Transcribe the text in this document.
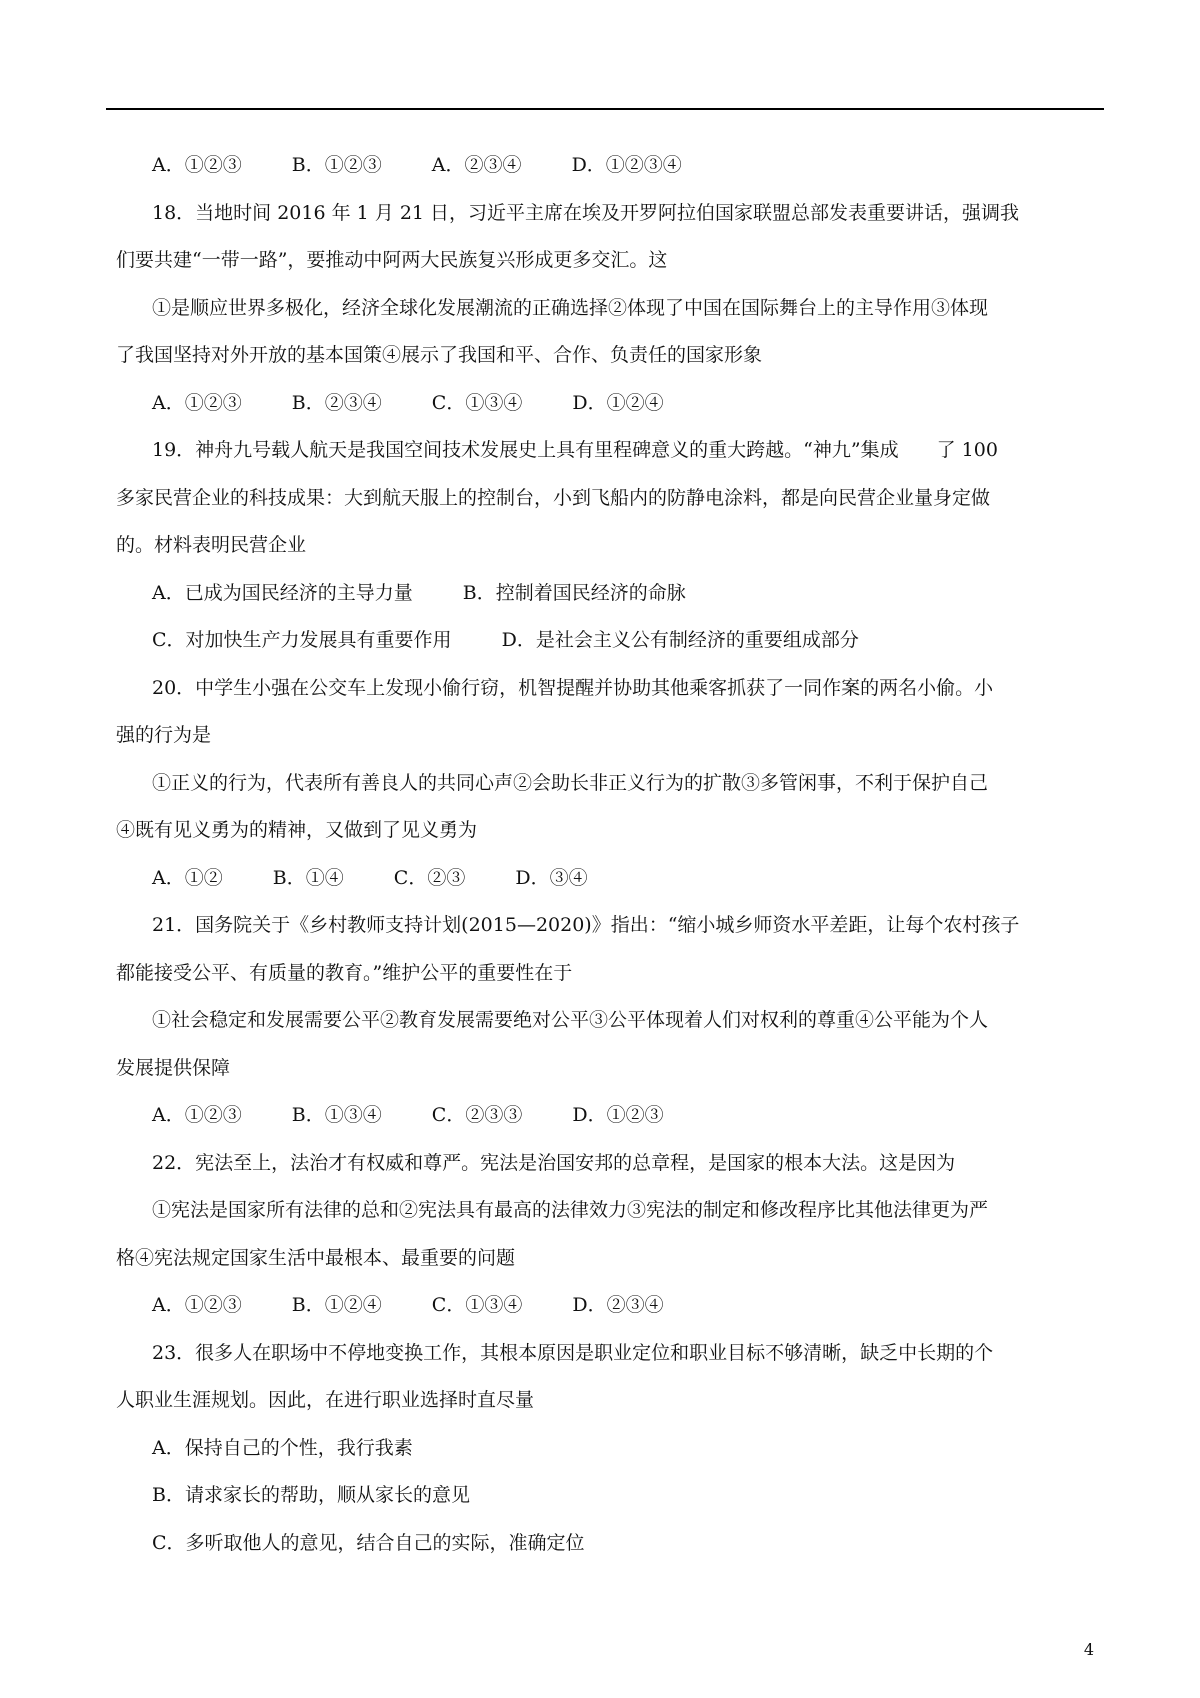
A．①②③	B．①②③	A．②③④	D．①②③④
18．当地时间 2016 年 1 月 21 日，习近平主席在埃及开罗阿拉伯国家联盟总部发表重要讲话，强调我
们要共建“一带一路”，要推动中阿两大民族复兴形成更多交汇。这
①是顺应世界多极化，经济全球化发展潮流的正确选择②体现了中国在国际舞台上的主导作用③体现
了我国坚持对外开放的基本国策④展示了我国和平、合作、负责任的国家形象
A．①②③	B．②③④	C．①③④	D．①②④
19．神舟九号载人航天是我国空间技术发展史上具有里程碑意义的重大跨越。“神九”集成　　了 100
多家民营企业的科技成果：大到航天服上的控制台，小到飞船内的防静电涂料，都是向民营企业量身定做
的。材料表明民营企业
A．已成为国民经济的主导力量	B．控制着国民经济的命脉
C．对加快生产力发展具有重要作用	D．是社会主义公有制经济的重要组成部分
20．中学生小强在公交车上发现小偷行窃，机智提醒并协助其他乘客抓获了一同作案的两名小偷。小
强的行为是
①正义的行为，代表所有善良人的共同心声②会助长非正义行为的扩散③多管闲事，不利于保护自己
④既有见义勇为的精神，又做到了见义勇为
A．①②	B．①④	C．②③	D．③④
21．国务院关于《乡村教师支持计划(2015—2020)》指出：“缩小城乡师资水平差距，让每个农村孩子
都能接受公平、有质量的教育。”维护公平的重要性在于
①社会稳定和发展需要公平②教育发展需要绝对公平③公平体现着人们对权利的尊重④公平能为个人
发展提供保障
A．①②③	B．①③④	C．②③③	D．①②③
22．宪法至上，法治才有权威和尊严。宪法是治国安邦的总章程，是国家的根本大法。这是因为
①宪法是国家所有法律的总和②宪法具有最高的法律效力③宪法的制定和修改程序比其他法律更为严
格④宪法规定国家生活中最根本、最重要的问题
A．①②③	B．①②④	C．①③④	D．②③④
23．很多人在职场中不停地变换工作，其根本原因是职业定位和职业目标不够清晰，缺乏中长期的个
人职业生涯规划。因此，在进行职业选择时直尽量
A．保持自己的个性，我行我素
B．请求家长的帮助，顺从家长的意见
C．多听取他人的意见，结合自己的实际，准确定位
4
